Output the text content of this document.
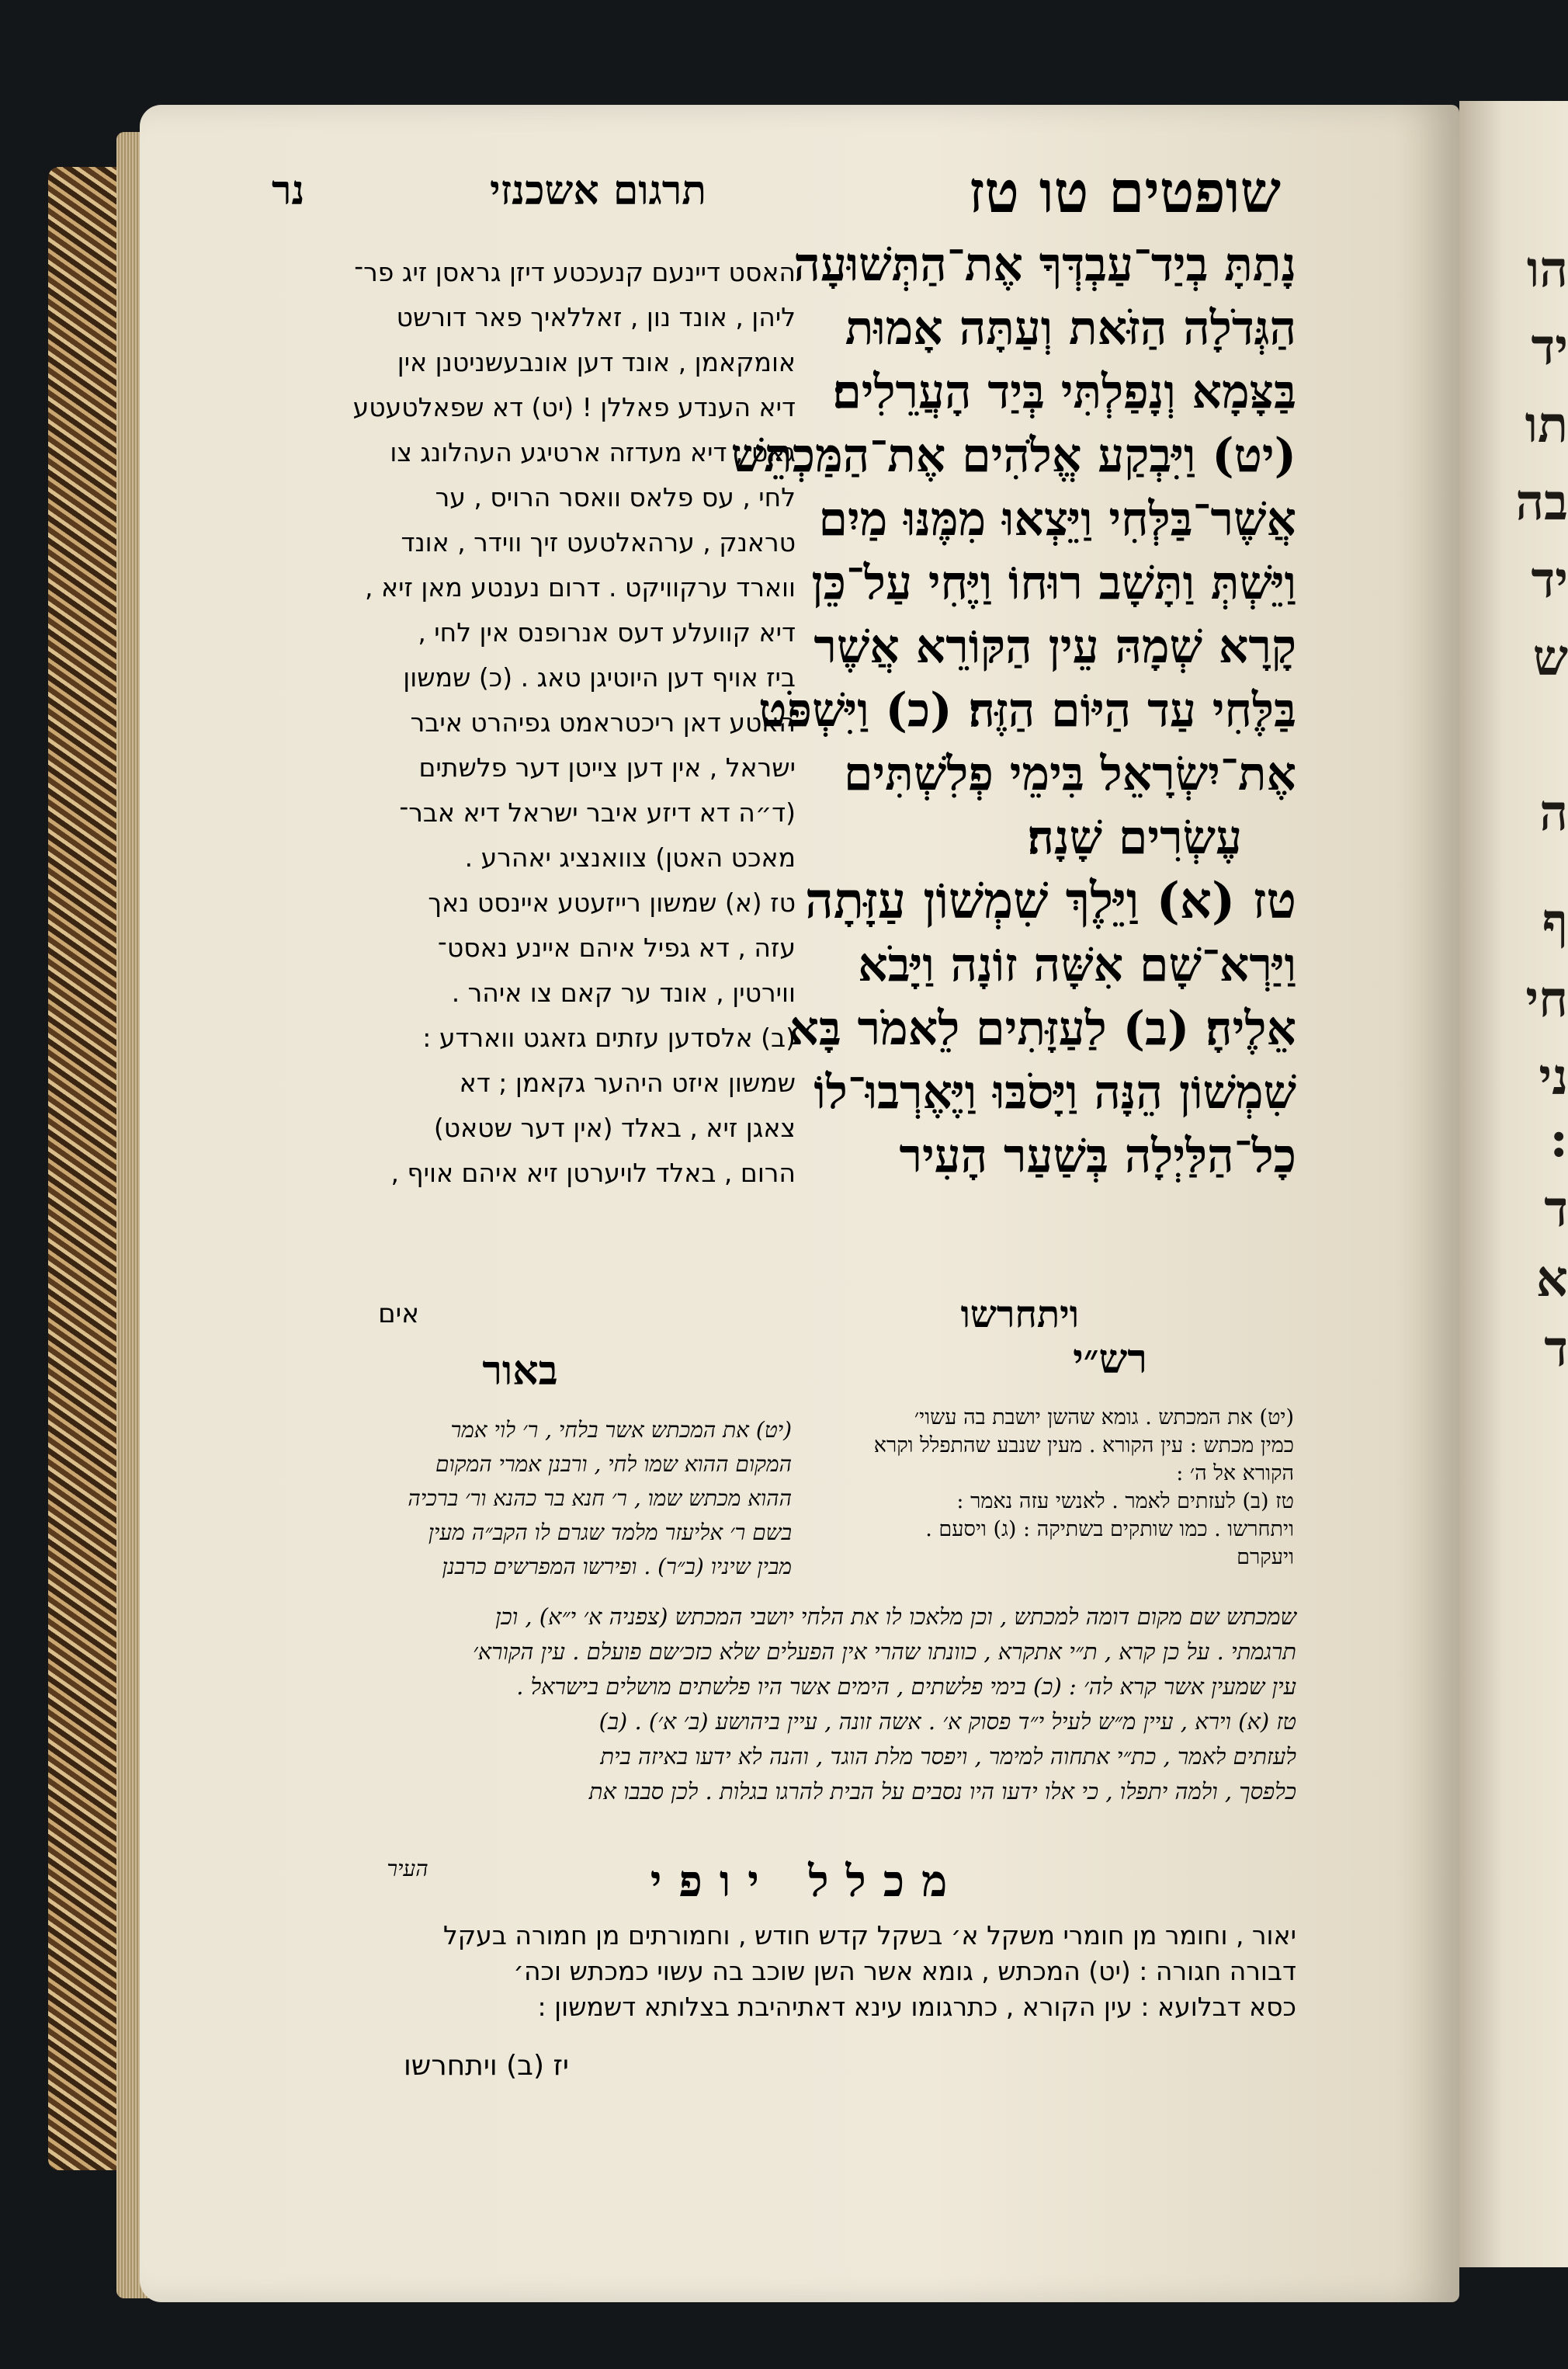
הו
יד
תו
בה
יד
ש
ה
ף
חי
ני
:
ד
א
ד
שופטים טו טז
תרגום אשכנזי
נר
נָתַתָּ בְיַד־עַבְדְּךָ אֶת־הַתְּשׁוּעָה
הַגְּדֹלָה הַזֹּאת וְעַתָּה אָמוּת
בַּצָּמָא וְנָפַלְתִּי בְּיַד הָעֲרֵלִים׃
(יט) וַיִּבְקַע אֱלֹהִים אֶת־הַמַּכְתֵּשׁ
אֲשֶׁר־בַּלְּחִי וַיֵּצְאוּ מִמֶּנּוּ מַיִם
וַיֵּשְׁתְּ וַתָּשָׁב רוּחוֹ וַיֶּחִי עַל־כֵּן
קָרָא שְׁמָהּ עֵין הַקּוֹרֵא אֲשֶׁר
בַּלֶּחִי עַד הַיּוֹם הַזֶּה׃ (כ) וַיִּשְׁפֹּט
אֶת־יִשְׂרָאֵל בִּימֵי פְלִשְׁתִּים
עֶשְׂרִים שָׁנָה׃
טז (א) וַיֵּלֶךְ שִׁמְשׁוֹן עַזָּתָה
וַיַּרְא־שָׁם אִשָּׁה זוֹנָה וַיָּבֹא
אֵלֶיהָ׃ (ב) לַעַזָּתִים לֵאמֹר בָּא
שִׁמְשׁוֹן הֵנָּה וַיָּסֹבּוּ וַיֶּאֶרְבוּ־לוֹ
כָל־הַלַּיְלָה בְּשַׁעַר הָעִיר
ויתחרשו
האסט דיינעם קנעכטע דיזן גראסן זיג פר־
ליהן , אונד נון , זאללאיך פאר דורשט
אומקאמן , אונד דען אונבעשניטנן אין
דיא הענדע פאללן ! (יט) דא שפאלטעטע
גאט , דיא מעדזה ארטיגע העהלונג צו
לחי , עס פלאס וואסר הרויס , ער
טראנק , ערהאלטעט זיך ווידר , אונד
ווארד ערקוויקט . דרום נענטע מאן זיא ,
דיא קוועלע דעס אנרופנס אין לחי ,
ביז אויף דען היוטיגן טאג . (כ) שמשון
האטע דאן ריכטראמט גפיהרט איבר
ישראל , אין דען צייטן דער פלשתים
(ד״ה דא דיזע איבר ישראל דיא אבר־
מאכט האטן) צוואנציג יאהרע .
טז (א) שמשון רייזעטע איינסט נאך
עזה , דא גפיל איהם איינע נאסט־
ווירטין , אונד ער קאם צו איהר .
(ב) אלסדען עזתים גזאגט ווארדע :
שמשון איזט היהער גקאמן ; דא
צאגן זיא , באלד (אין דער שטאט)
הרום , באלד לויערטן זיא איהם אויף ,
אים
באור	רש״י
(יט) את המכתש . גומא שהשן יושבת בה עשוי׳
כמין מכתש : עין הקורא . מעין שנבע שהתפלל וקרא
הקורא אל ה׳ :
טז (ב) לעזתים לאמר . לאנשי עזה נאמר :
ויתחרשו . כמו שותקים בשתיקה : (ג) ויסעם .
ויעקרם
(יט) את המכתש אשר בלחי , ר׳ לוי אמר
המקום ההוא שמו לחי , ורבנן אמרי המקום
ההוא מכתש שמו , ר׳ חנא בר כהנא ור׳ ברכיה
בשם ר׳ אליעזר מלמד שגרם לו הקב״ה מעין
מבין שיניו (ב״ר) . ופירשו המפרשים כרבנן
שמכתש שם מקום דומה למכתש , וכן מלאכו לו את הלחי יושבי המכתש (צפניה א׳ י״א) , וכן
תרגמתי . על כן קרא , ת״י אתקרא , כוונתו שהרי אין הפעלים שלא כזכ׳שם פועלם . עין הקורא׳
עין שמעין אשר קרא לה׳ : (כ) בימי פלשתים , הימים אשר היו פלשתים מושלים בישראל .
טז (א) וירא , עיין מ״ש לעיל י״ד פסוק א׳ . אשה זונה , עיין ביהושע (ב׳ א׳) . (ב)
לעזתים לאמר , כת״י אתחוה למימר , ויפסר מלת הוגד , והנה לא ידעו באיזה בית
כלפסך , ולמה יתפלו , כי אלו ידעו היו נסבים על הבית להרגו בגלות . לכן סבבו את
העיר	מכלל יופי
יאור , וחומר מן חומרי משקל א׳ בשקל קדש חודש , וחמורתים מן חמורה בעקל
דבורה חגורה : (יט) המכתש , גומא אשר השן שוכב בה עשוי כמכתש וכה׳
כסא דבלועא : עין הקורא , כתרגומו עינא דאתיהיבת בצלותא דשמשון :
יז (ב) ויתחרשו
